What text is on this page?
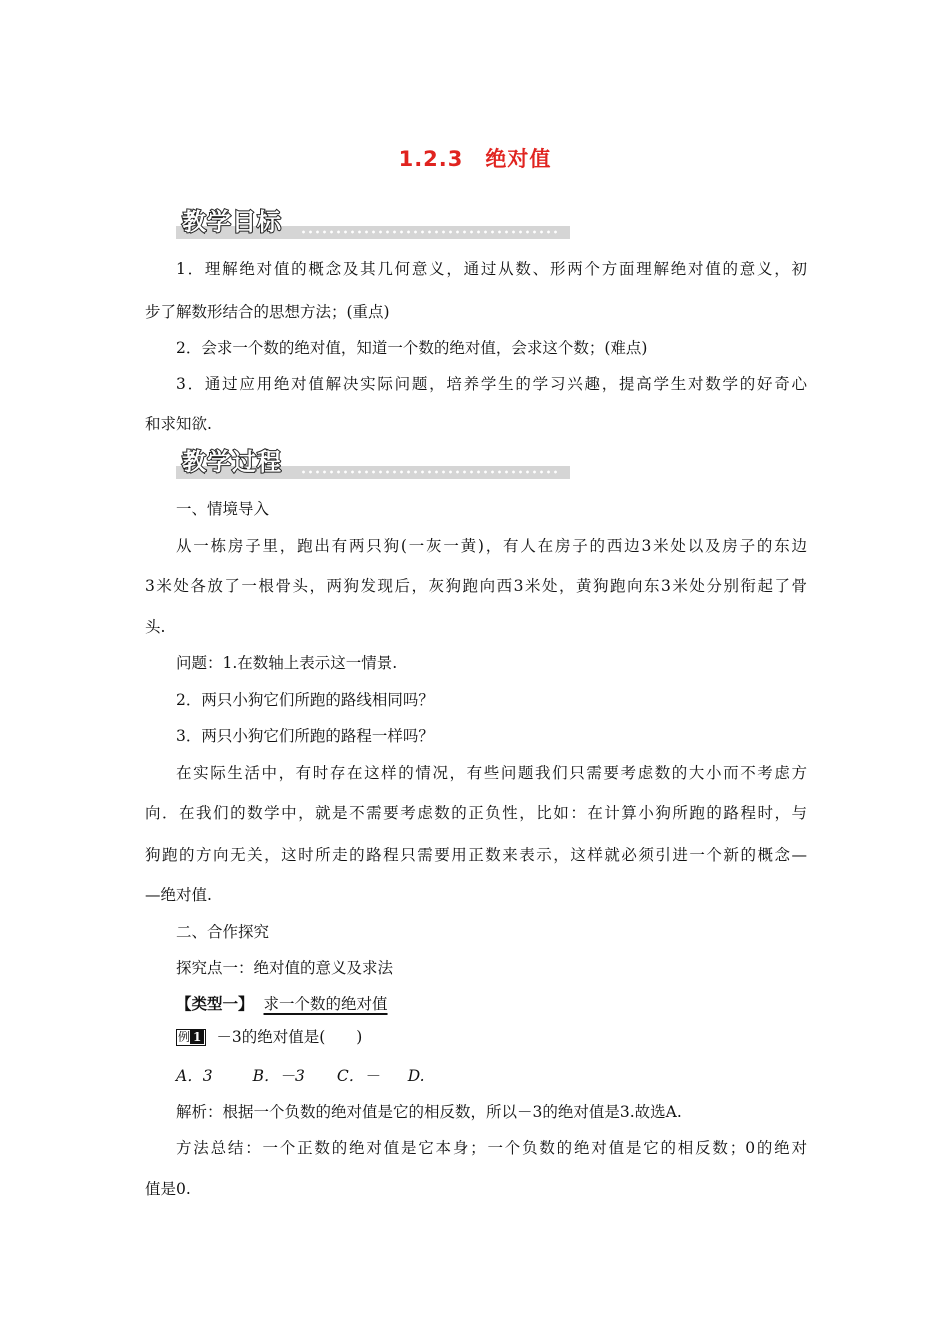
1.2.3　绝对值
教学目标
1．理解绝对值的概念及其几何意义，通过从数、形两个方面理解绝对值的意义，初
步了解数形结合的思想方法；(重点)
2．会求一个数的绝对值，知道一个数的绝对值，会求这个数；(难点)
3．通过应用绝对值解决实际问题，培养学生的学习兴趣，提高学生对数学的好奇心
和求知欲.
教学过程
一、情境导入
从一栋房子里，跑出有两只狗(一灰一黄)，有人在房子的西边3米处以及房子的东边
3米处各放了一根骨头，两狗发现后，灰狗跑向西3米处，黄狗跑向东3米处分别衔起了骨
头.
问题：1.在数轴上表示这一情景.
2．两只小狗它们所跑的路线相同吗？
3．两只小狗它们所跑的路程一样吗？
在实际生活中，有时存在这样的情况，有些问题我们只需要考虑数的大小而不考虑方
向．在我们的数学中，就是不需要考虑数的正负性，比如：在计算小狗所跑的路程时，与
狗跑的方向无关，这时所走的路程只需要用正数来表示，这样就必须引进一个新的概念—
—绝对值.
二、合作探究
探究点一：绝对值的意义及求法
【类型一】 求一个数的绝对值
例 1 －3的绝对值是(　　)
A．3	B．－3 C．－ D.
解析：根据一个负数的绝对值是它的相反数，所以－3的绝对值是3.故选A.
方法总结：一个正数的绝对值是它本身；一个负数的绝对值是它的相反数；0的绝对
值是0.
